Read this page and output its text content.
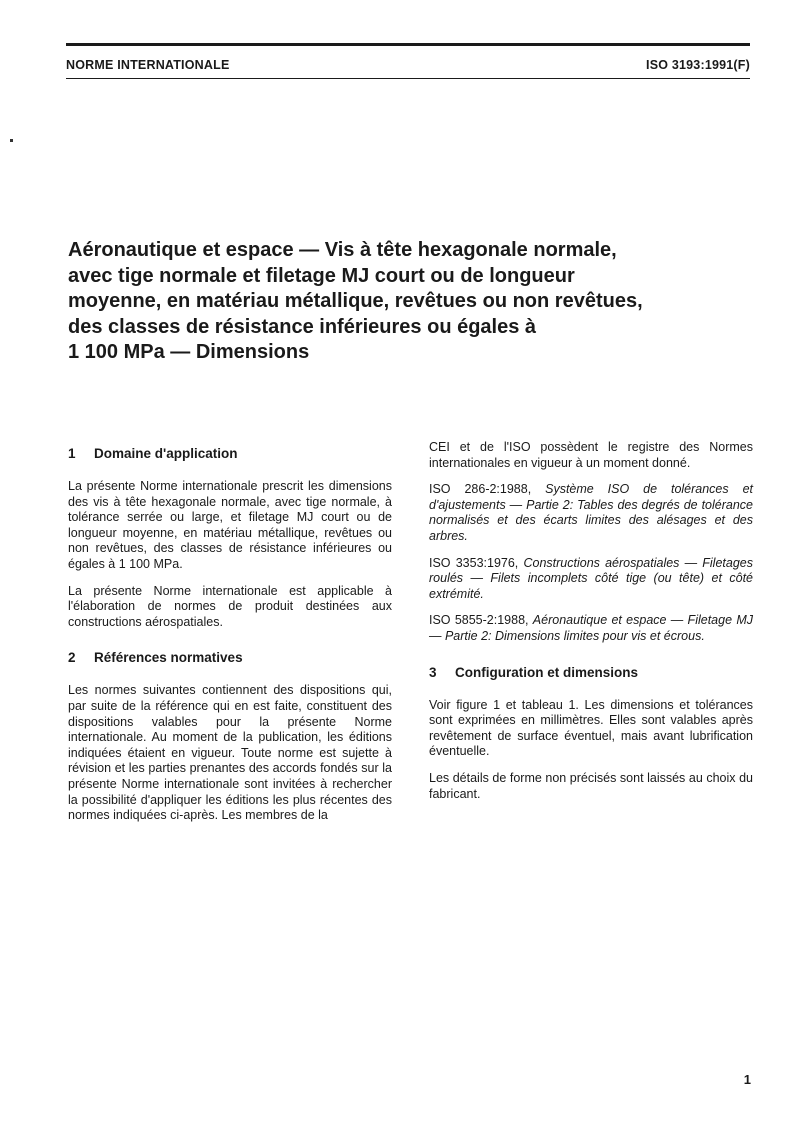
NORME INTERNATIONALE	ISO 3193:1991(F)
Aéronautique et espace — Vis à tête hexagonale normale,
avec tige normale et filetage MJ court ou de longueur
moyenne, en matériau métallique, revêtues ou non revêtues,
des classes de résistance inférieures ou égales à
1 100 MPa — Dimensions
1 Domaine d'application

La présente Norme internationale prescrit les dimensions des vis à tête hexagonale normale, avec tige normale, à tolérance serrée ou large, et filetage MJ court ou de longueur moyenne, en matériau métallique, revêtues ou non revêtues, des classes de résistance inférieures ou égales à 1 100 MPa.

La présente Norme internationale est applicable à l'élaboration de normes de produit destinées aux constructions aérospatiales.

2 Références normatives

Les normes suivantes contiennent des dispositions qui, par suite de la référence qui en est faite, constituent des dispositions valables pour la présente Norme internationale. Au moment de la publication, les éditions indiquées étaient en vigueur. Toute norme est sujette à révision et les parties prenantes des accords fondés sur la présente Norme internationale sont invitées à rechercher la possibilité d'appliquer les éditions les plus récentes des normes indiquées ci-après. Les membres de la

CEI et de l'ISO possèdent le registre des Normes internationales en vigueur à un moment donné.

ISO 286-2:1988, Système ISO de tolérances et d'ajustements — Partie 2: Tables des degrés de tolérance normalisés et des écarts limites des alésages et des arbres.

ISO 3353:1976, Constructions aérospatiales — Filetages roulés — Filets incomplets côté tige (ou tête) et côté extrémité.

ISO 5855-2:1988, Aéronautique et espace — Filetage MJ — Partie 2: Dimensions limites pour vis et écrous.

3 Configuration et dimensions

Voir figure 1 et tableau 1. Les dimensions et tolérances sont exprimées en millimètres. Elles sont valables après revêtement de surface éventuel, mais avant lubrification éventuelle.

Les détails de forme non précisés sont laissés au choix du fabricant.

1
